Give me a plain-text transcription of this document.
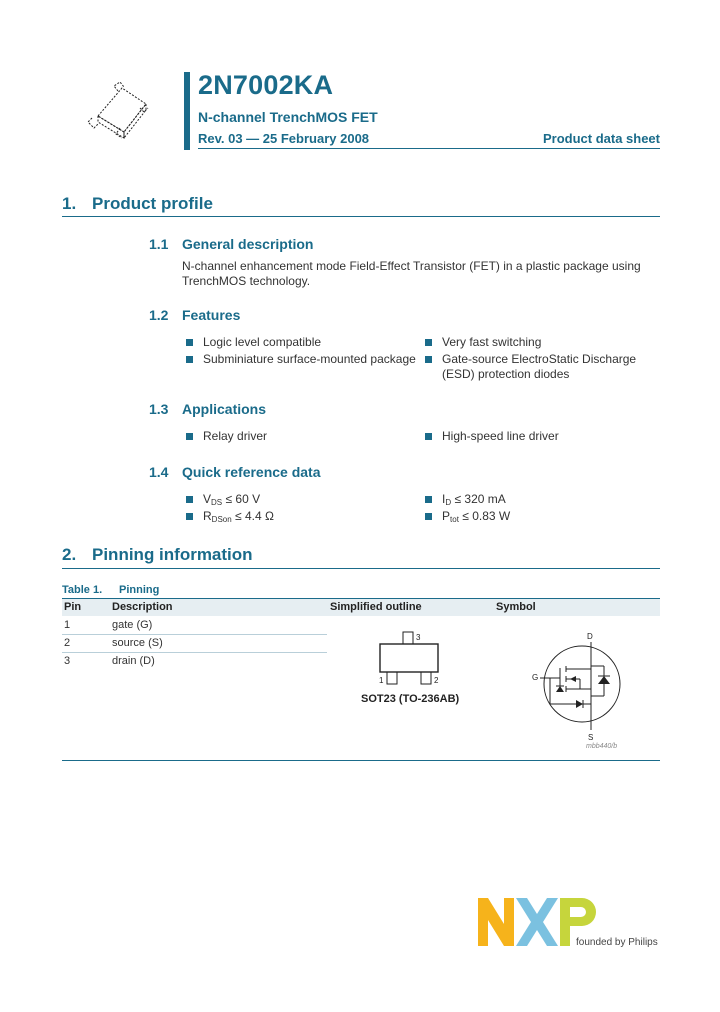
2N7002KA
N-channel TrenchMOS FET
Rev. 03 — 25 February 2008	Product data sheet
1. Product profile
1.1 General description
N-channel enhancement mode Field-Effect Transistor (FET) in a plastic package using
TrenchMOS technology.
1.2 Features
Logic level compatible
Subminiature surface-mounted package
Very fast switching
Gate-source ElectroStatic Discharge
(ESD) protection diodes
1.3 Applications
Relay driver	High-speed line driver
1.4 Quick reference data
$V_{DS} \le 60$ V
$R_{DSon} \le 4.4$ Ω
$I_D \le 320$ mA
$P_{tot} \le 0.83$ W
2. Pinning information
Table 1. Pinning
Pin	Description	Simplified outline	Symbol
1	gate (G)
2	source (S)
3	drain (D)
3
1	2
SOT23 (TO-236AB)
D
G
S
mbb440/b
founded by Philips
